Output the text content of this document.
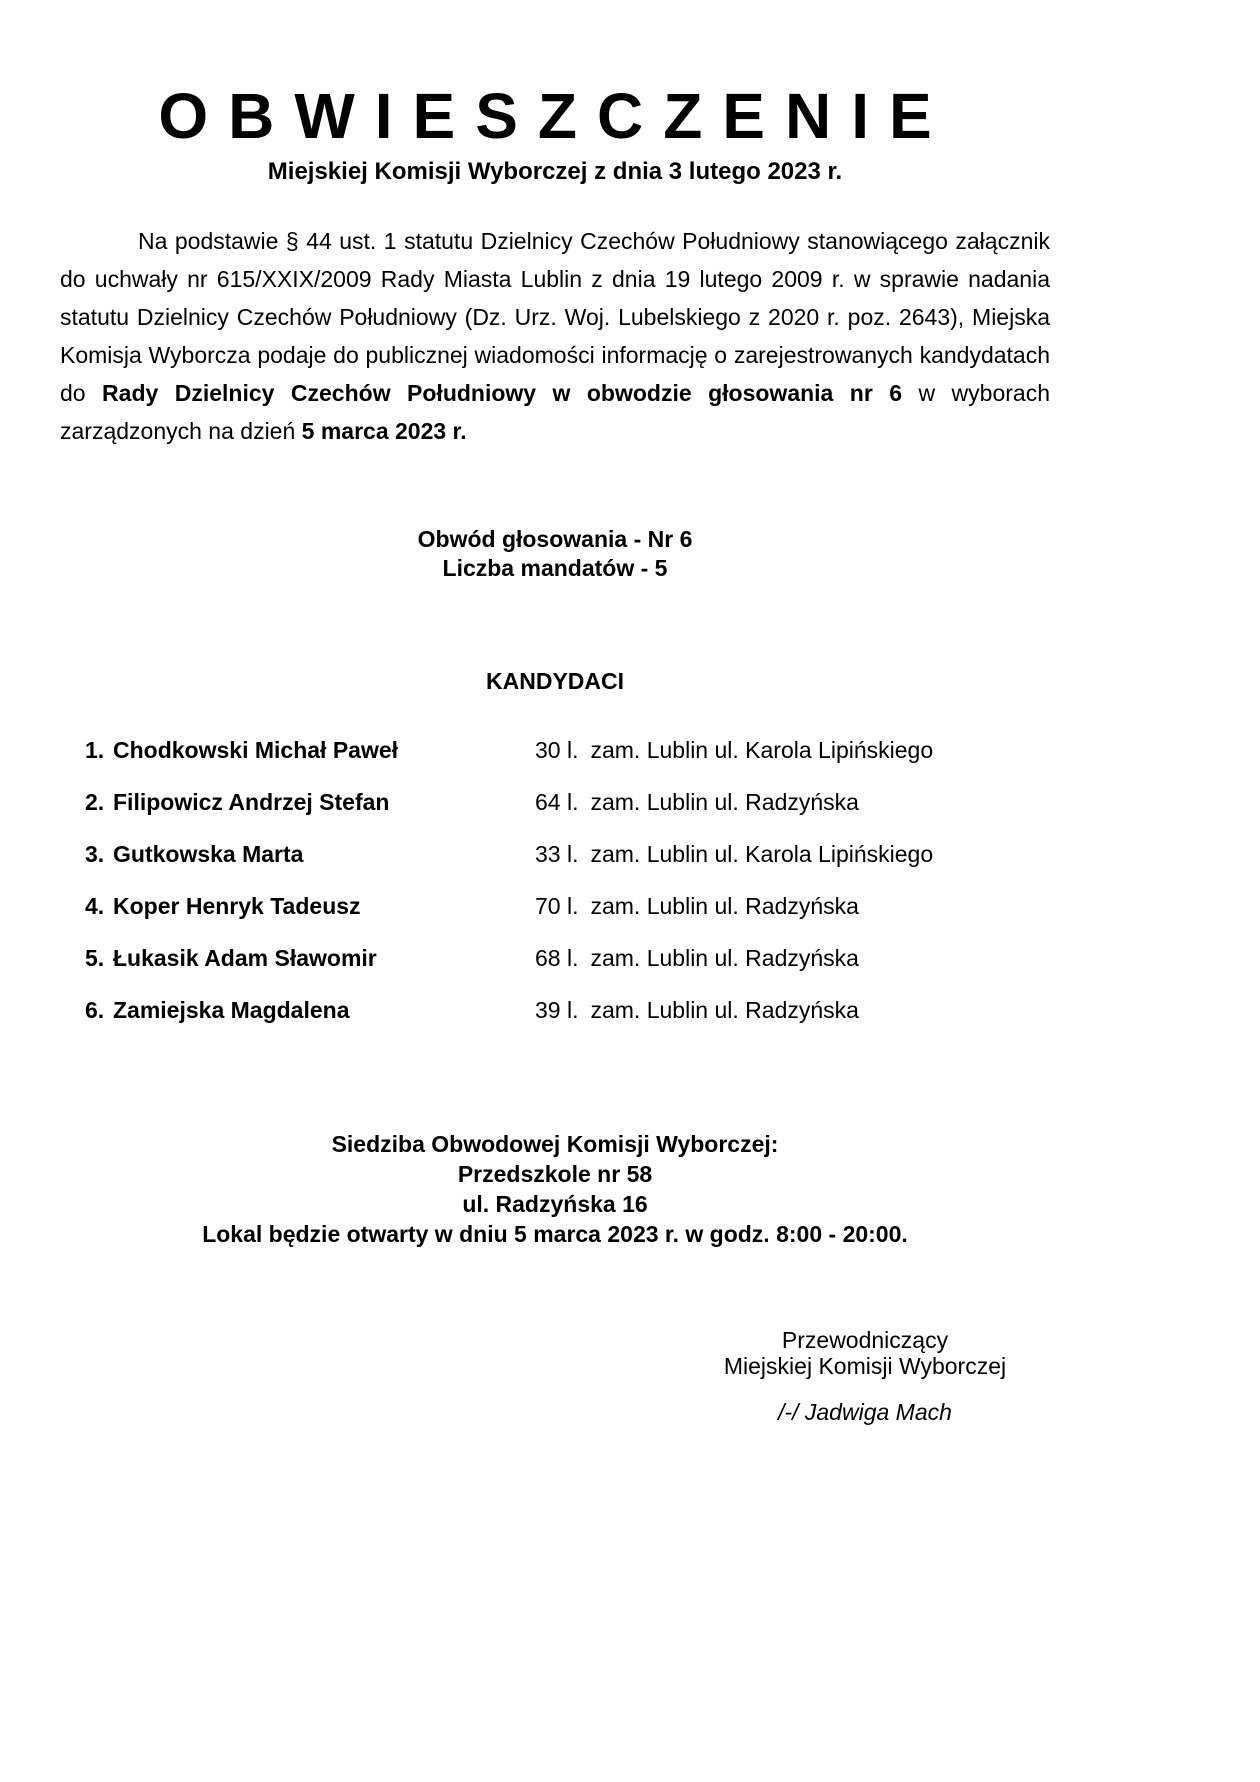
OBWIESZCZENIE
Miejskiej Komisji Wyborczej z dnia 3 lutego 2023 r.

Na podstawie § 44 ust. 1 statutu Dzielnicy Czechów Południowy stanowiącego załącznik do uchwały nr 615/XXIX/2009 Rady Miasta Lublin z dnia 19 lutego 2009 r. w sprawie nadania statutu Dzielnicy Czechów Południowy (Dz. Urz. Woj. Lubelskiego z 2020 r. poz. 2643), Miejska Komisja Wyborcza podaje do publicznej wiadomości informację o zarejestrowanych kandydatach do Rady Dzielnicy Czechów Południowy w obwodzie głosowania nr 6 w wyborach zarządzonych na dzień 5 marca 2023 r.

Obwód głosowania - Nr 6
Liczba mandatów - 5
KANDYDACI
1. Chodkowski Michał Paweł	30 l. zam. Lublin ul. Karola Lipińskiego
2. Filipowicz Andrzej Stefan	64 l. zam. Lublin ul. Radzyńska
3. Gutkowska Marta	33 l. zam. Lublin ul. Karola Lipińskiego
4. Koper Henryk Tadeusz	70 l. zam. Lublin ul. Radzyńska
5. Łukasik Adam Sławomir	68 l. zam. Lublin ul. Radzyńska
6. Zamiejska Magdalena	39 l. zam. Lublin ul. Radzyńska
Siedziba Obwodowej Komisji Wyborczej:
Przedszkole nr 58
ul. Radzyńska 16
Lokal będzie otwarty w dniu 5 marca 2023 r. w godz. 8:00 - 20:00.
Przewodniczący
Miejskiej Komisji Wyborczej
/-/ Jadwiga Mach
